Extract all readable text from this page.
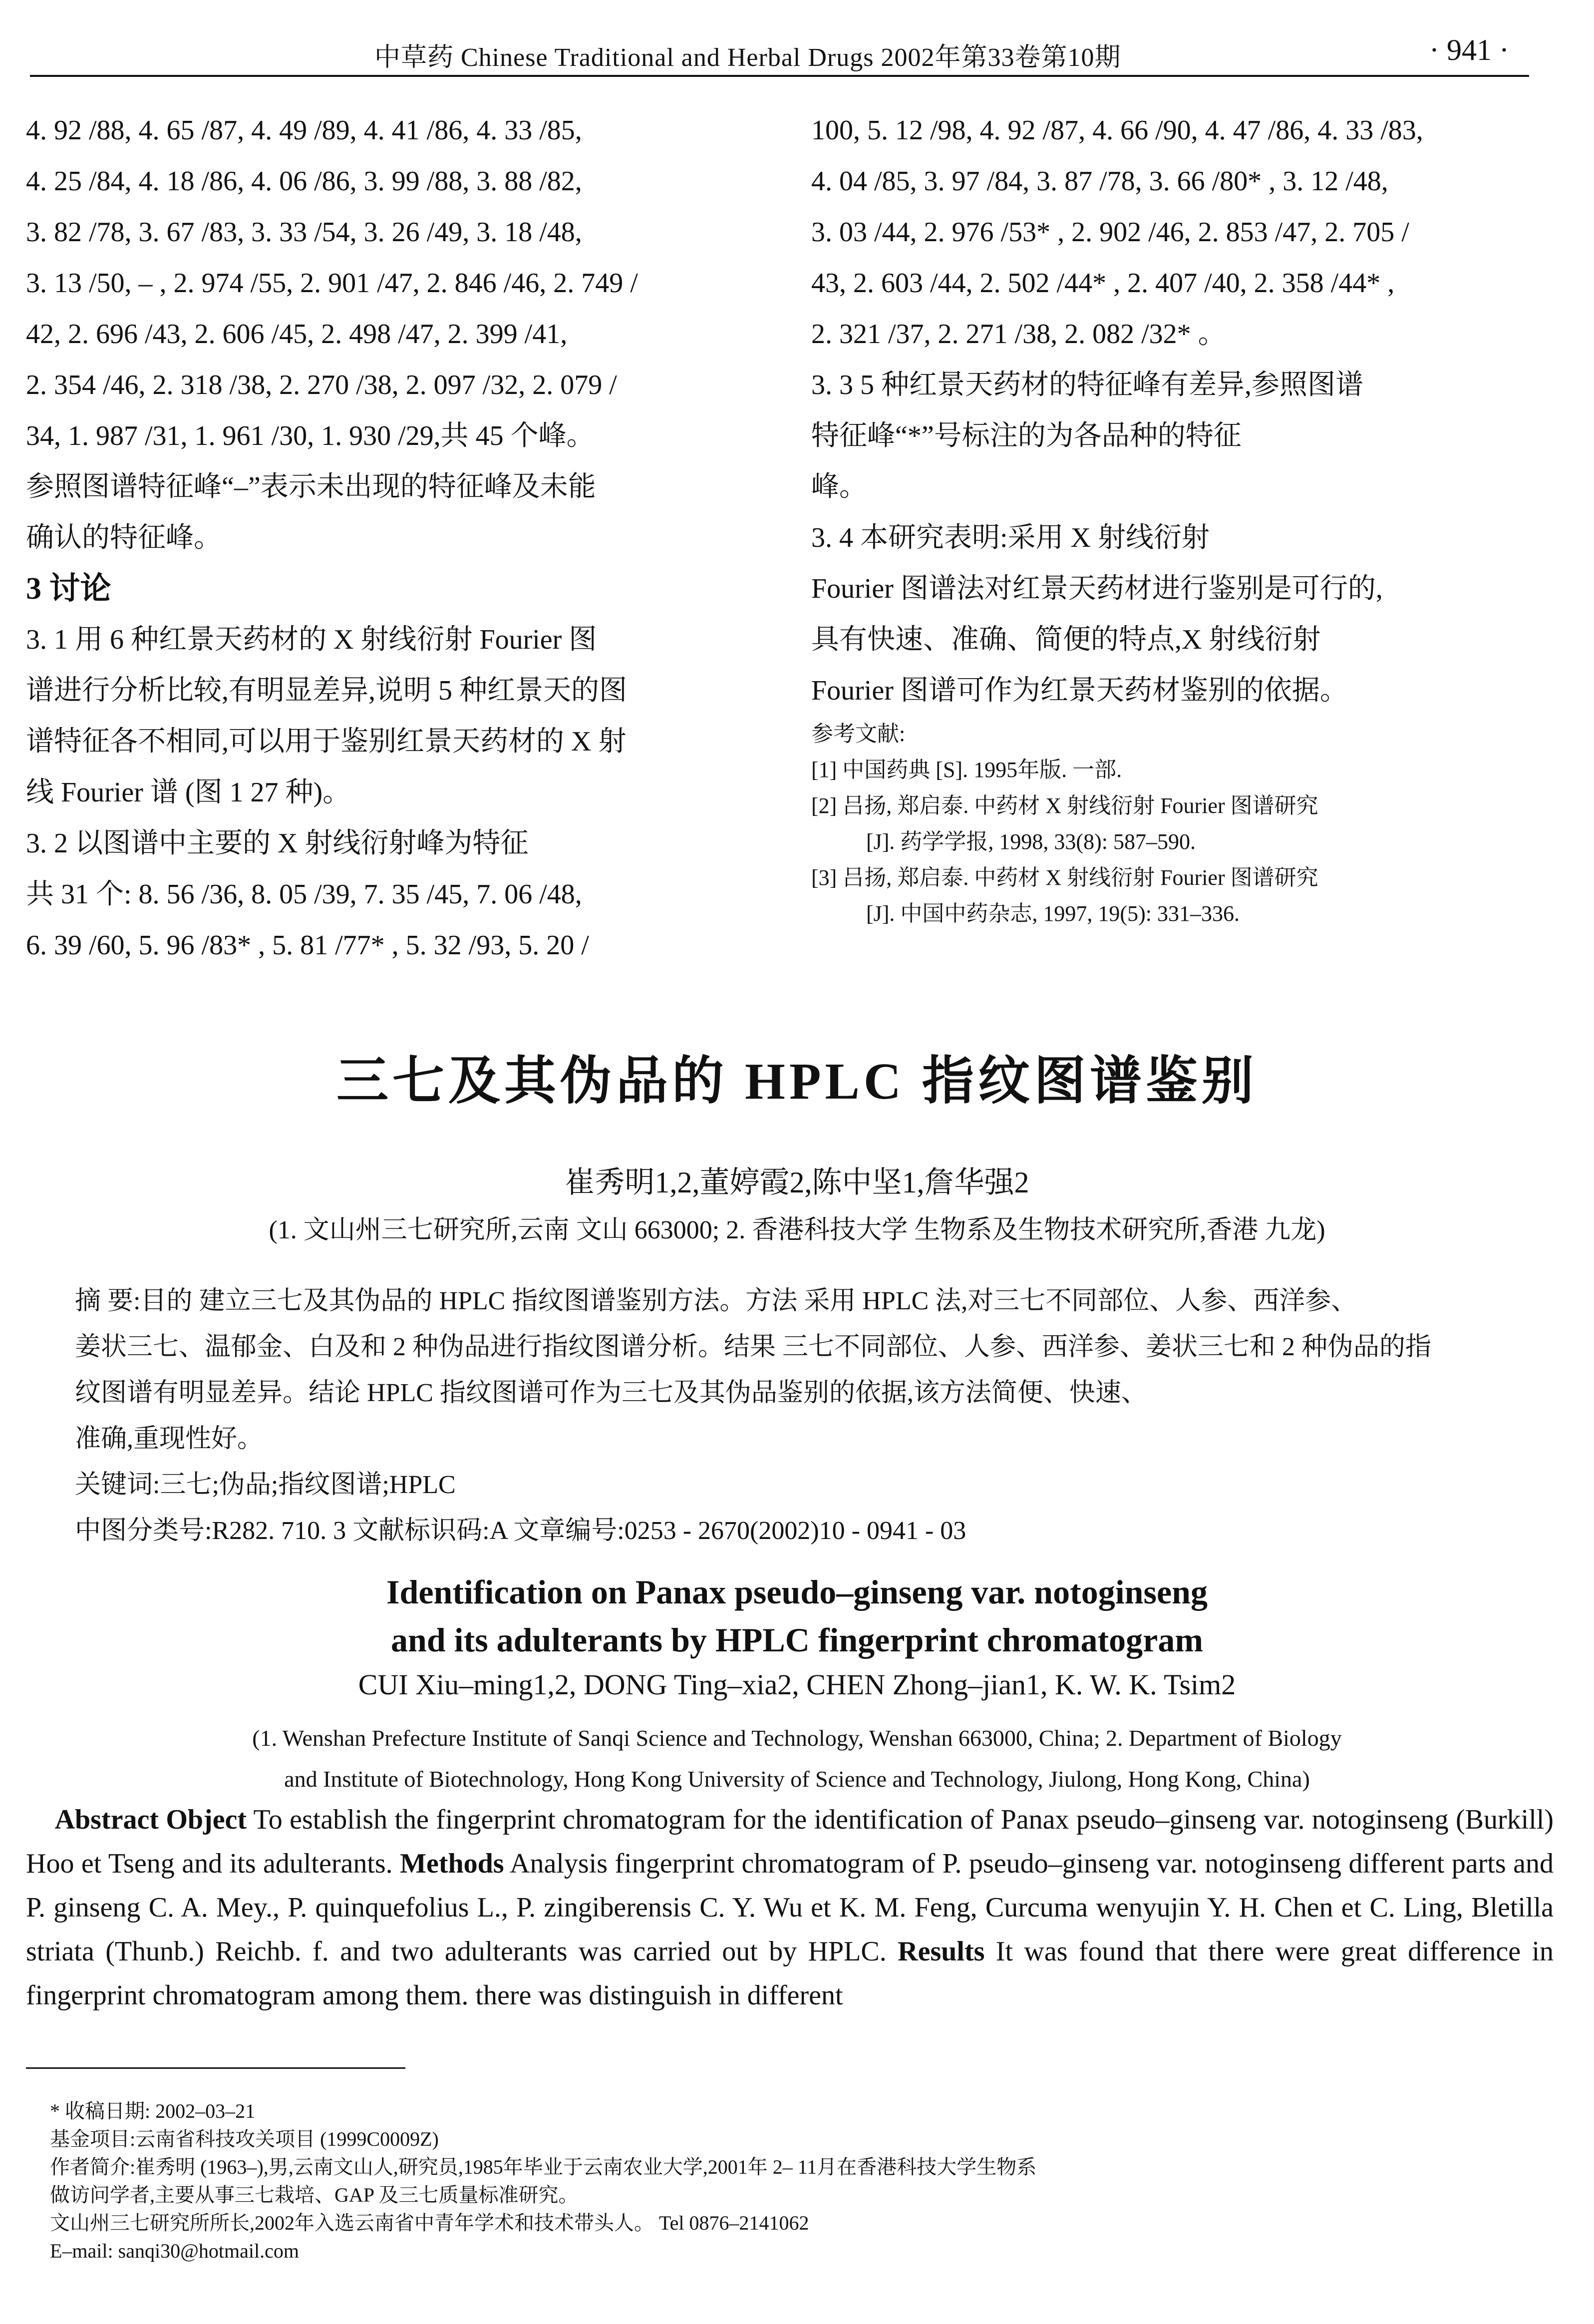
中草药 Chinese Traditional and Herbal Drugs 2002年第33卷第10期	· 941 ·

4. 92 /88, 4. 65 /87, 4. 49 /89, 4. 41 /86, 4. 33 /85,

4. 25 /84, 4. 18 /86, 4. 06 /86, 3. 99 /88, 3. 88 /82,

3. 82 /78, 3. 67 /83, 3. 33 /54, 3. 26 /49, 3. 18 /48,

3. 13 /50, – , 2. 974 /55, 2. 901 /47, 2. 846 /46, 2. 749 /

42, 2. 696 /43, 2. 606 /45, 2. 498 /47, 2. 399 /41,

2. 354 /46, 2. 318 /38, 2. 270 /38, 2. 097 /32, 2. 079 /

34, 1. 987 /31, 1. 961 /30, 1. 930 /29,共 45 个峰。

参照图谱特征峰“–”表示未出现的特征峰及未能

确认的特征峰。

3 讨论

3. 1 用 6 种红景天药材的 X 射线衍射 Fourier 图

谱进行分析比较,有明显差异,说明 5 种红景天的图

谱特征各不相同,可以用于鉴别红景天药材的 X 射

线 Fourier 谱 (图 1 27 种)。

3. 2 以图谱中主要的 X 射线衍射峰为特征

共 31 个: 8. 56 /36, 8. 05 /39, 7. 35 /45, 7. 06 /48,

6. 39 /60, 5. 96 /83* , 5. 81 /77* , 5. 32 /93, 5. 20 /

100, 5. 12 /98, 4. 92 /87, 4. 66 /90, 4. 47 /86, 4. 33 /83,

4. 04 /85, 3. 97 /84, 3. 87 /78, 3. 66 /80* , 3. 12 /48,

3. 03 /44, 2. 976 /53* , 2. 902 /46, 2. 853 /47, 2. 705 /

43, 2. 603 /44, 2. 502 /44* , 2. 407 /40, 2. 358 /44* ,

2. 321 /37, 2. 271 /38, 2. 082 /32* 。

3. 3 5 种红景天药材的特征峰有差异,参照图谱

特征峰“*”号标注的为各品种的特征

峰。

3. 4 本研究表明:采用 X 射线衍射

Fourier 图谱法对红景天药材进行鉴别是可行的,

具有快速、准确、简便的特点,X 射线衍射

Fourier 图谱可作为红景天药材鉴别的依据。

参考文献:

[1] 中国药典 [S]. 1995年版. 一部.

[2] 吕扬, 郑启泰. 中药材 X 射线衍射 Fourier 图谱研究

[J]. 药学学报, 1998, 33(8): 587–590.

[3] 吕扬, 郑启泰. 中药材 X 射线衍射 Fourier 图谱研究

[J]. 中国中药杂志, 1997, 19(5): 331–336.

三七及其伪品的 HPLC 指纹图谱鉴别
崔秀明1,2,董婷霞2,陈中坚1,詹华强2
(1. 文山州三七研究所,云南 文山 663000; 2. 香港科技大学 生物系及生物技术研究所,香港 九龙)

摘 要:目的 建立三七及其伪品的 HPLC 指纹图谱鉴别方法。方法 采用 HPLC 法,对三七不同部位、人参、西洋参、

姜状三七、温郁金、白及和 2 种伪品进行指纹图谱分析。结果 三七不同部位、人参、西洋参、姜状三七和 2 种伪品的指

纹图谱有明显差异。结论 HPLC 指纹图谱可作为三七及其伪品鉴别的依据,该方法简便、快速、

准确,重现性好。

关键词:三七;伪品;指纹图谱;HPLC

中图分类号:R282. 710. 3 文献标识码:A 文章编号:0253 - 2670(2002)10 - 0941 - 03

Identification on Panax pseudo–ginseng var. notoginseng

and its adulterants by HPLC fingerprint chromatogram

CUI Xiu–ming1,2, DONG Ting–xia2, CHEN Zhong–jian1, K. W. K. Tsim2

(1. Wenshan Prefecture Institute of Sanqi Science and Technology, Wenshan 663000, China; 2. Department of Biology

and Institute of Biotechnology, Hong Kong University of Science and Technology, Jiulong, Hong Kong, China)

Abstract Object To establish the fingerprint chromatogram for the identification of Panax pseudo–ginseng var. notoginseng (Burkill) Hoo et Tseng and its adulterants. Methods Analysis fingerprint chromatogram of P. pseudo–ginseng var. notoginseng different parts and P. ginseng C. A. Mey., P. quinquefolius L., P. zingiberensis C. Y. Wu et K. M. Feng, Curcuma wenyujin Y. H. Chen et C. Ling, Bletilla striata (Thunb.) Reichb. f. and two adulterants was carried out by HPLC. Results It was found that there were great difference in fingerprint chromatogram among them. there was distinguish in different

* 收稿日期: 2002–03–21

基金项目:云南省科技攻关项目 (1999C0009Z)

作者简介:崔秀明 (1963–),男,云南文山人,研究员,1985年毕业于云南农业大学,2001年 2– 11月在香港科技大学生物系

做访问学者,主要从事三七栽培、GAP 及三七质量标准研究。

文山州三七研究所所长,2002年入选云南省中青年学术和技术带头人。 Tel 0876–2141062

E–mail: sanqi30@hotmail.com
